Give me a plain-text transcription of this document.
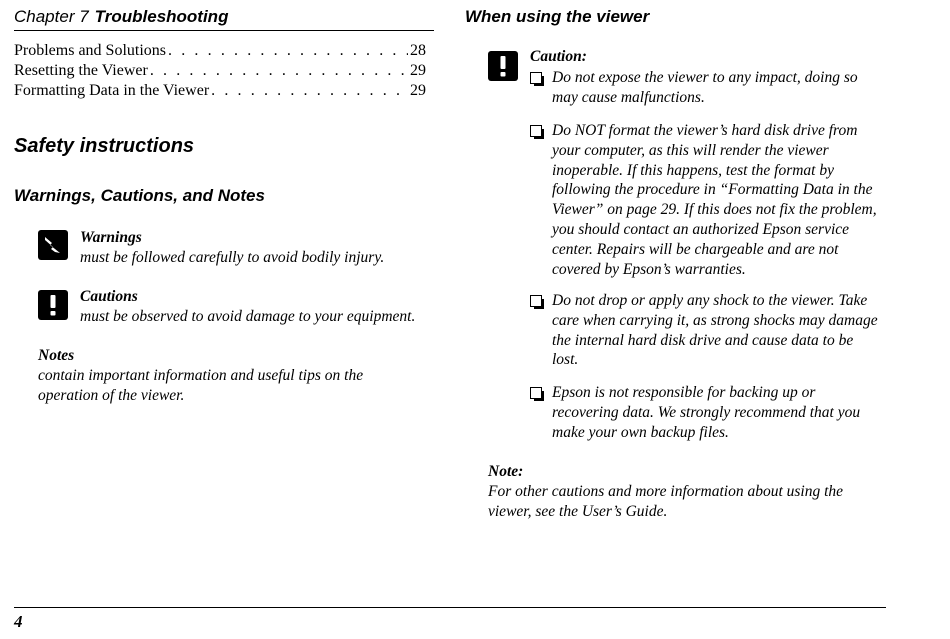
Chapter 7 Troubleshooting
Problems and Solutions . . .	28
Resetting the Viewer . . .	29
Formatting Data in the Viewer . . .	29
Safety instructions
Warnings, Cautions, and Notes
Warnings
must be followed carefully to avoid bodily injury.
Cautions
must be observed to avoid damage to your equipment.
Notes
contain important information and useful tips on the
operation of the viewer.
When using the viewer
Caution:
Do not expose the viewer to any impact, doing so
may cause malfunctions.
Do NOT format the viewer’s hard disk drive from
your computer, as this will render the viewer
inoperable. If this happens, test the format by
following the procedure in “Formatting Data in the
Viewer” on page 29. If this does not fix the problem,
you should contact an authorized Epson service
center. Repairs will be chargeable and are not
covered by Epson’s warranties.
Do not drop or apply any shock to the viewer. Take
care when carrying it, as strong shocks may damage
the internal hard disk drive and cause data to be
lost.
Epson is not responsible for backing up or
recovering data. We strongly recommend that you
make your own backup files.
Note:
For other cautions and more information about using the
viewer, see the User’s Guide.
4
